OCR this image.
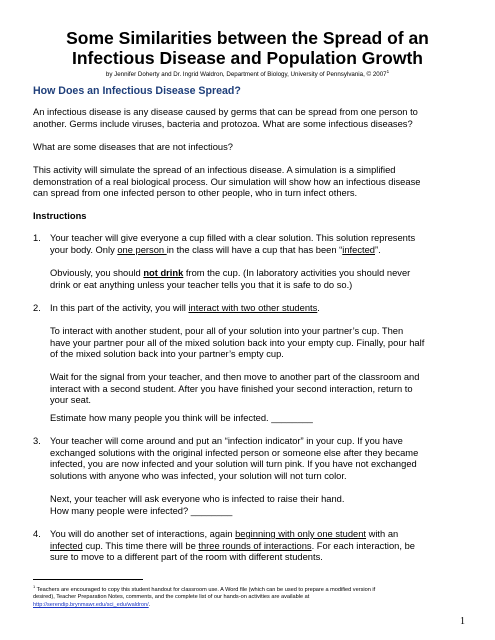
Some Similarities between the Spread of an
Infectious Disease and Population Growth
by Jennifer Doherty and Dr. Ingrid Waldron, Department of Biology, University of Pennsylvania, © 2007$^1$
How Does an Infectious Disease Spread?
An infectious disease is any disease caused by germs that can be spread from one person to
another. Germs include viruses, bacteria and protozoa. What are some infectious diseases?
What are some diseases that are not infectious?
This activity will simulate the spread of an infectious disease. A simulation is a simplified
demonstration of a real biological process. Our simulation will show how an infectious disease
can spread from one infected person to other people, who in turn infect others.
Instructions
1. Your teacher will give everyone a cup filled with a clear solution. This solution represents
your body. Only one person in the class will have a cup that has been “infected”.
Obviously, you should not drink from the cup. (In laboratory activities you should never
drink or eat anything unless your teacher tells you that it is safe to do so.)
2. In this part of the activity, you will interact with two other students.
To interact with another student, pour all of your solution into your partner’s cup. Then
have your partner pour all of the mixed solution back into your empty cup. Finally, pour half
of the mixed solution back into your partner’s empty cup.
Wait for the signal from your teacher, and then move to another part of the classroom and
interact with a second student. After you have finished your second interaction, return to
your seat.
Estimate how many people you think will be infected. ________
3. Your teacher will come around and put an “infection indicator” in your cup. If you have
exchanged solutions with the original infected person or someone else after they became
infected, you are now infected and your solution will turn pink. If you have not exchanged
solutions with anyone who was infected, your solution will not turn color.
Next, your teacher will ask everyone who is infected to raise their hand.
How many people were infected? ________
4. You will do another set of interactions, again beginning with only one student with an
infected cup. This time there will be three rounds of interactions. For each interaction, be
sure to move to a different part of the room with different students.
$^1$ Teachers are encouraged to copy this student handout for classroom use. A Word file (which can be used to prepare a modified version if
desired), Teacher Preparation Notes, comments, and the complete list of our hands-on activities are available at
http://serendip.brynmawr.edu/sci_edu/waldron/.
1
